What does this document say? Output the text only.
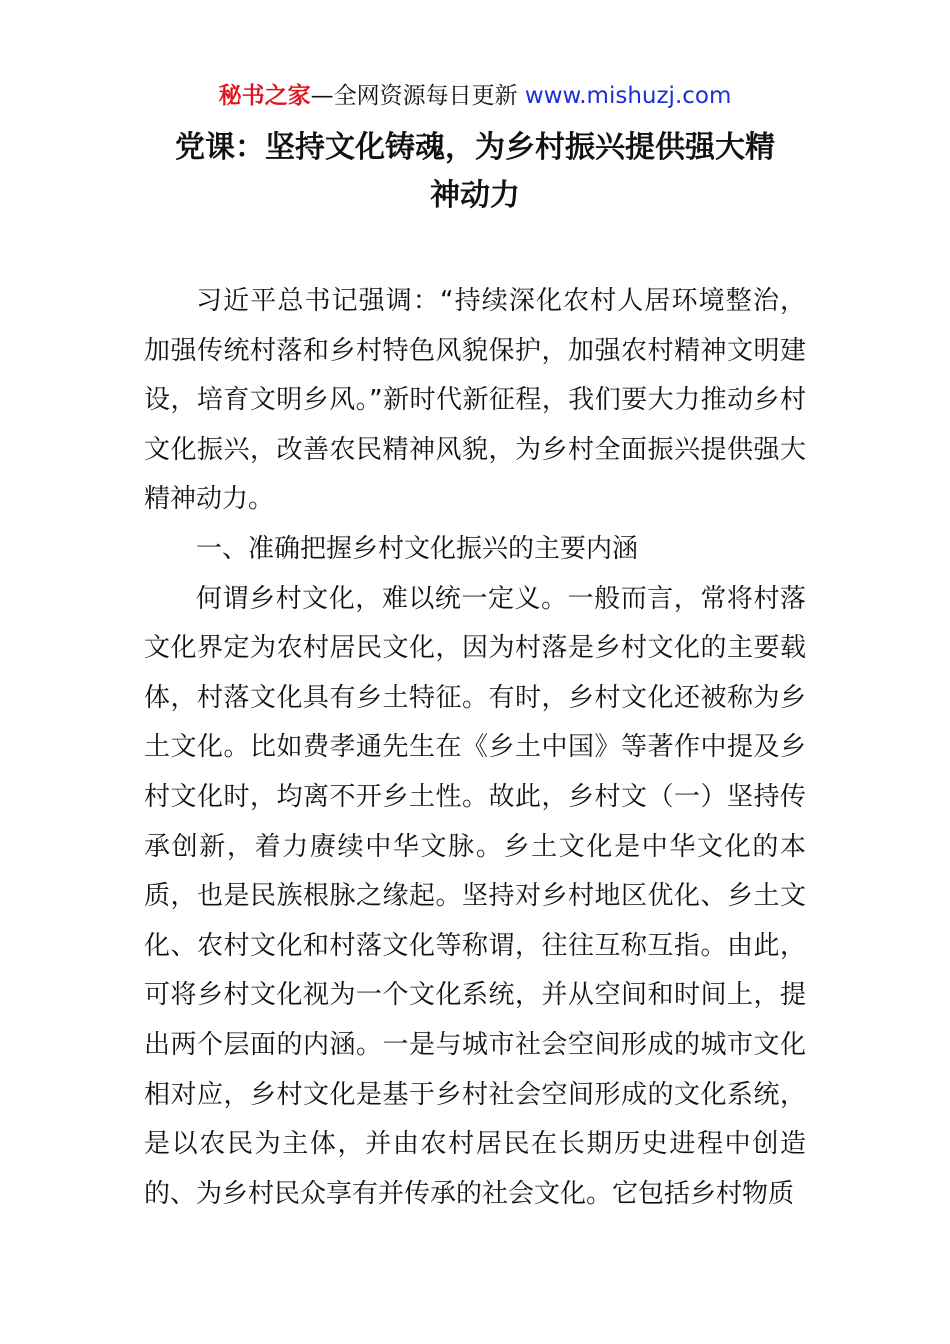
秘书之家—全网资源每日更新 www.mishuzj.com
党课：坚持文化铸魂，为乡村振兴提供强大精
神动力

习近平总书记强调：“持续深化农村人居环境整治，加强传统村落和乡村特色风貌保护，加强农村精神文明建设，培育文明乡风。”新时代新征程，我们要大力推动乡村文化振兴，改善农民精神风貌，为乡村全面振兴提供强大精神动力。

一、准确把握乡村文化振兴的主要内涵

何谓乡村文化，难以统一定义。一般而言，常将村落文化界定为农村居民文化，因为村落是乡村文化的主要载体，村落文化具有乡土特征。有时，乡村文化还被称为乡土文化。比如费孝通先生在《乡土中国》等著作中提及乡村文化时，均离不开乡土性。故此，乡村文（一）坚持传承创新，着力赓续中华文脉。乡土文化是中华文化的本质，也是民族根脉之缘起。坚持对乡村地区优化、乡土文化、农村文化和村落文化等称谓，往往互称互指。由此，可将乡村文化视为一个文化系统，并从空间和时间上，提出两个层面的内涵。一是与城市社会空间形成的城市文化相对应，乡村文化是基于乡村社会空间形成的文化系统，是以农民为主体，并由农村居民在长期历史进程中创造的、为乡村民众享有并传承的社会文化。它包括乡村物质
